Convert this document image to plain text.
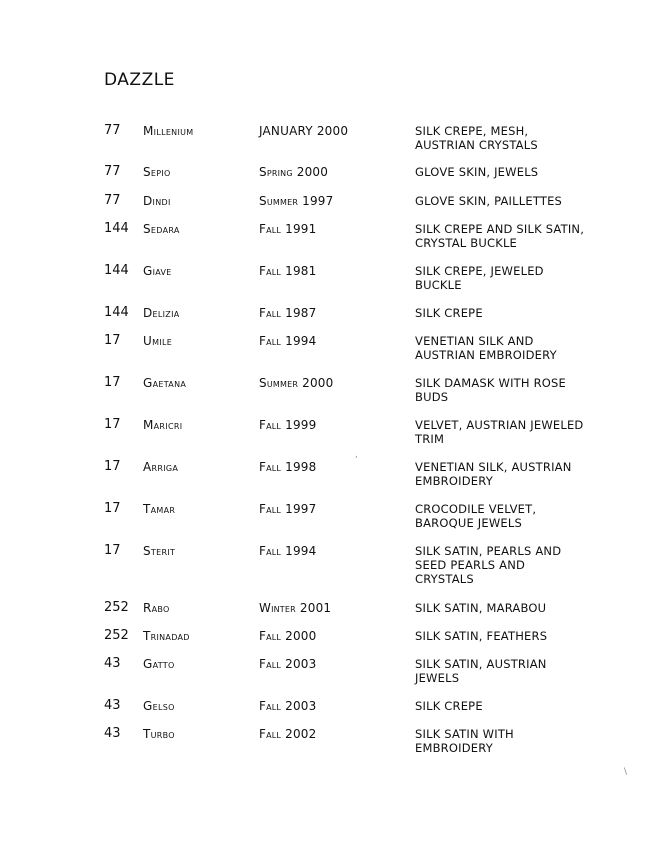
DAZZLE
77 Millenium	JANUARY 2000	SILK CREPE, MESH, AUSTRIAN CRYSTALS
77 Sepio	Spring 2000	GLOVE SKIN, JEWELS
77 Dindi	Summer 1997	GLOVE SKIN, PAILLETTES
144 Sedara	Fall 1991	SILK CREPE AND SILK SATIN, CRYSTAL BUCKLE
144 Giave	Fall 1981	SILK CREPE, JEWELED BUCKLE
144 Delizia	Fall 1987	SILK CREPE
17 Umile	Fall 1994	VENETIAN SILK AND AUSTRIAN EMBROIDERY
17 Gaetana	Summer 2000	SILK DAMASK WITH ROSE BUDS
17 Maricri	Fall 1999	VELVET, AUSTRIAN JEWELED TRIM
17 Arriga	Fall 1998	VENETIAN SILK, AUSTRIAN EMBROIDERY
17 Tamar	Fall 1997	CROCODILE VELVET, BAROQUE JEWELS
17 Sterit	Fall 1994	SILK SATIN, PEARLS AND SEED PEARLS AND CRYSTALS
252 Rabo	Winter 2001	SILK SATIN, MARABOU
252 Trinadad	Fall 2000	SILK SATIN, FEATHERS
43 Gatto	Fall 2003	SILK SATIN, AUSTRIAN JEWELS
43 Gelso	Fall 2003	SILK CREPE
43 Turbo	Fall 2002	SILK SATIN WITH EMBROIDERY
ʹ
\
